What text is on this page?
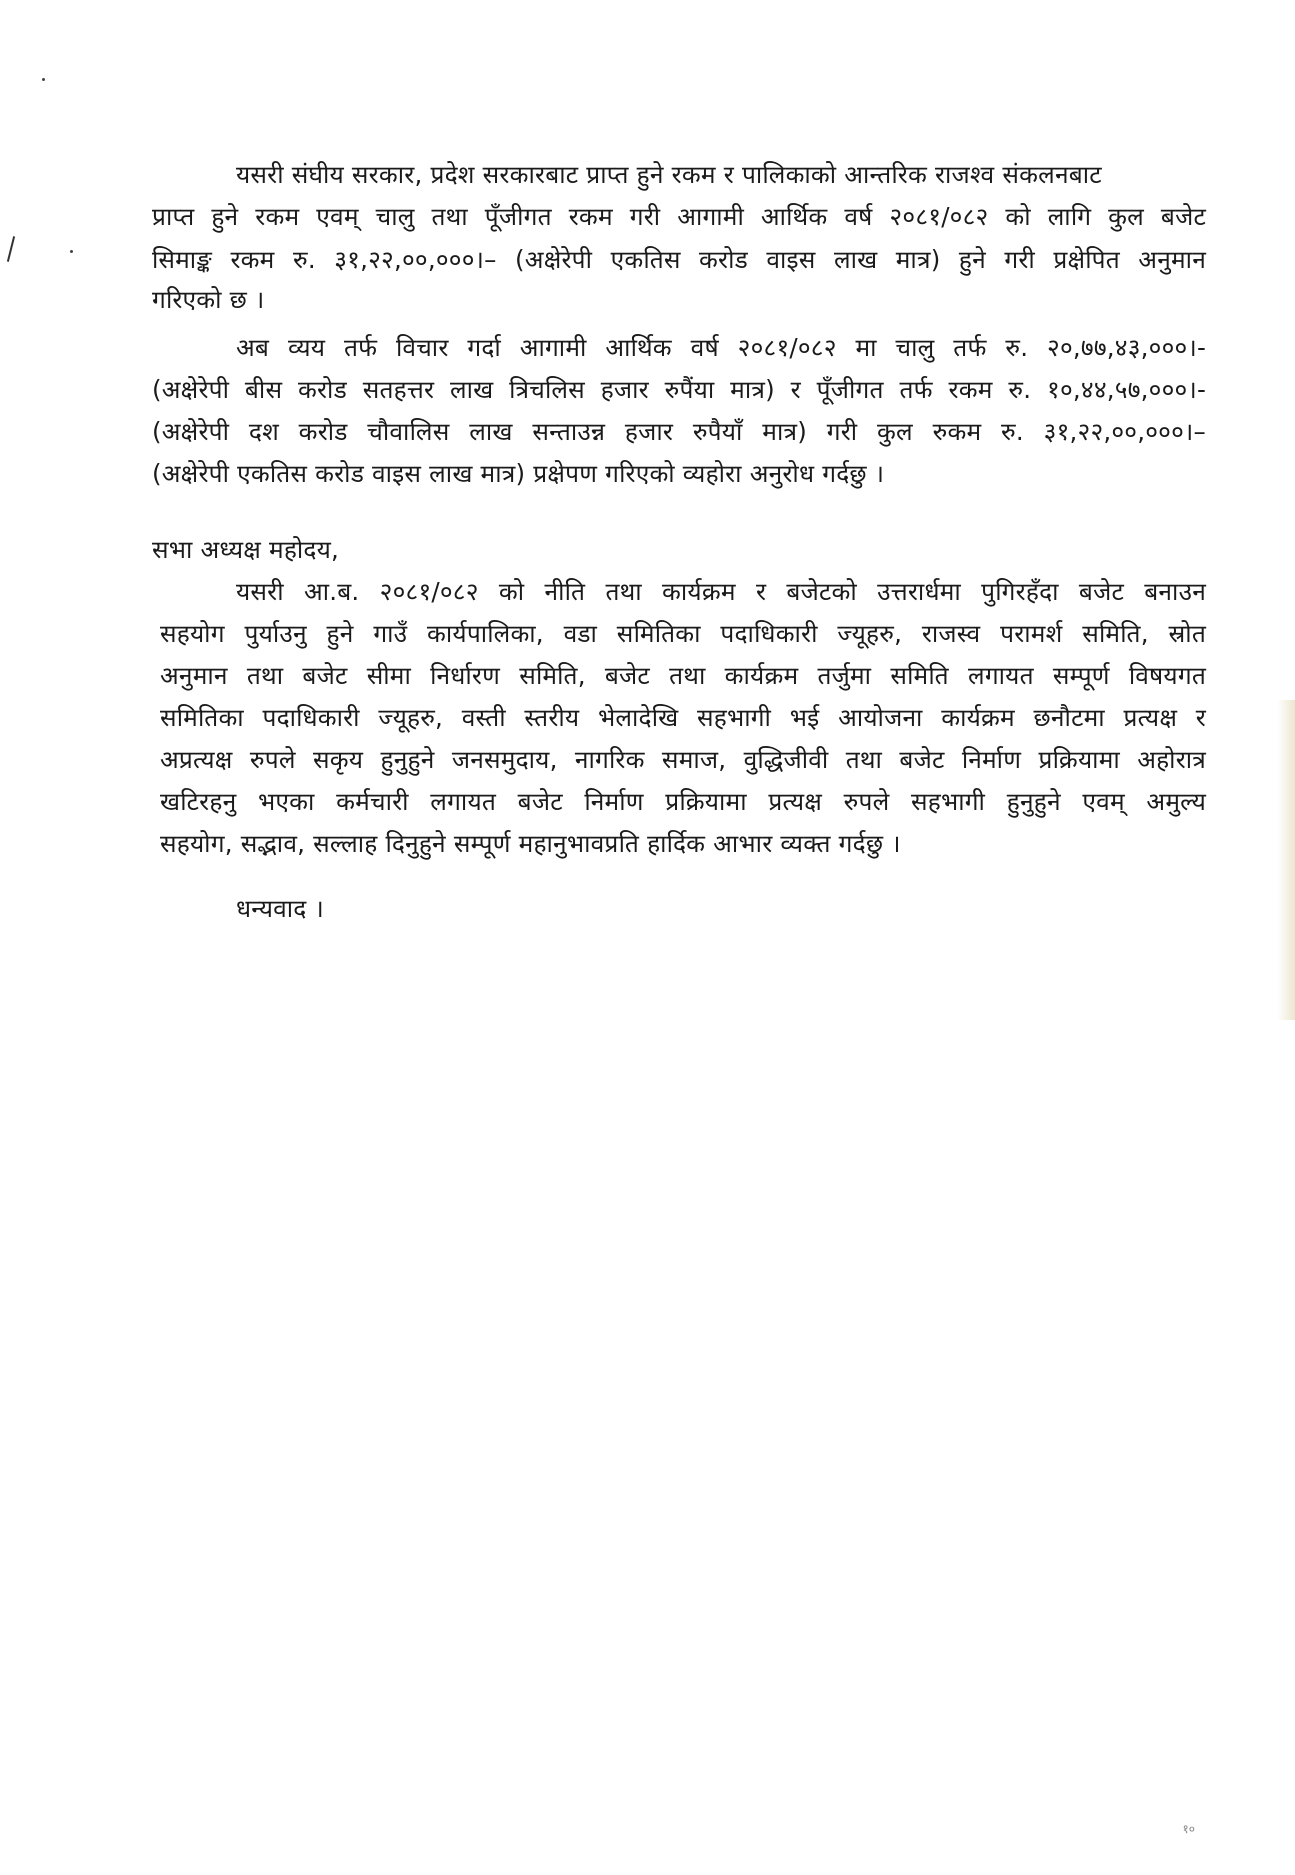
यसरी संघीय सरकार, प्रदेश सरकारबाट प्राप्त हुने रकम र पालिकाको आन्तरिक राजश्व संकलनबाट
प्राप्त हुने रकम एवम् चालु तथा पूँजीगत रकम गरी आगामी आर्थिक वर्ष २०८१/०८२ को लागि कुल बजेट
सिमाङ्क रकम रु. ३१,२२,००,०००।– (अक्षेरेपी एकतिस करोड वाइस लाख मात्र) हुने गरी प्रक्षेपित अनुमान
गरिएको छ ।
अब व्यय तर्फ विचार गर्दा आगामी आर्थिक वर्ष २०८१/०८२ मा चालु तर्फ रु. २०,७७,४३,०००।-
(अक्षेरेपी बीस करोड सतहत्तर लाख त्रिचलिस हजार रुपैंया मात्र) र पूँजीगत तर्फ रकम रु. १०,४४,५७,०००।-
(अक्षेरेपी दश करोड चौवालिस लाख सन्ताउन्न हजार रुपैयाँ मात्र) गरी कुल रुकम रु. ३१,२२,००,०००।–
(अक्षेरेपी एकतिस करोड वाइस लाख मात्र) प्रक्षेपण गरिएको व्यहोरा अनुरोध गर्दछु ।
सभा अध्यक्ष महोदय,
यसरी आ.ब. २०८१/०८२ को नीति तथा कार्यक्रम र बजेटको उत्तरार्धमा पुगिरहँदा बजेट बनाउन
सहयोग पुर्याउनु हुने गाउँ कार्यपालिका, वडा समितिका पदाधिकारी ज्यूहरु, राजस्व परामर्श समिति, स्रोत
अनुमान तथा बजेट सीमा निर्धारण समिति, बजेट तथा कार्यक्रम तर्जुमा समिति लगायत सम्पूर्ण विषयगत
समितिका पदाधिकारी ज्यूहरु, वस्ती स्तरीय भेलादेखि सहभागी भई आयोजना कार्यक्रम छनौटमा प्रत्यक्ष र
अप्रत्यक्ष रुपले सकृय हुनुहुने जनसमुदाय, नागरिक समाज, वुद्धिजीवी तथा बजेट निर्माण प्रक्रियामा अहोरात्र
खटिरहनु भएका कर्मचारी लगायत बजेट निर्माण प्रक्रियामा प्रत्यक्ष रुपले सहभागी हुनुहुने एवम् अमुल्य
सहयोग, सद्भाव, सल्लाह दिनुहुने सम्पूर्ण महानुभावप्रति हार्दिक आभार व्यक्त गर्दछु ।
धन्यवाद ।
१०
